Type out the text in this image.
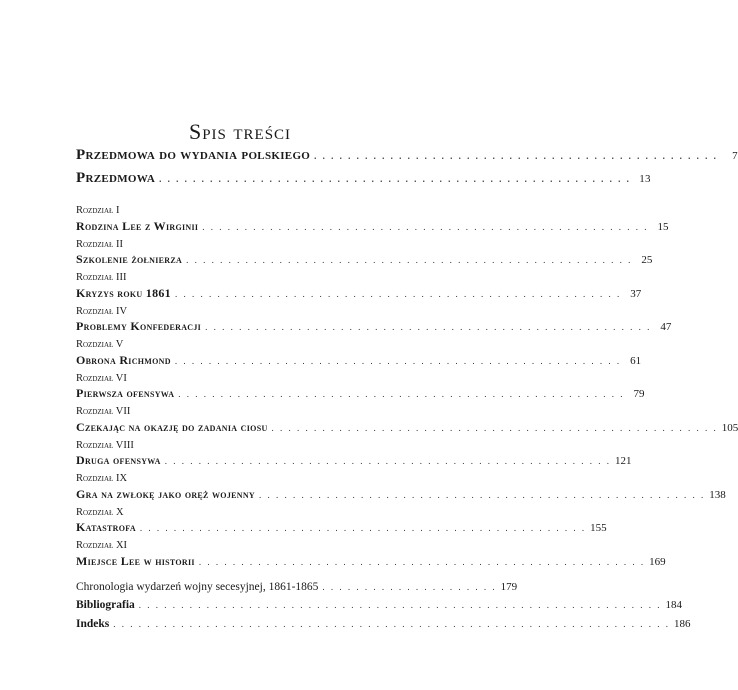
Spis treści
Przedmowa do wydania polskiego . . . . . . . . . . . . . . . . . . . . . . . . . . . . . . . . . . . . . . . . . . . . . . . .	7
Przedmowa . . . . . . . . . . . . . . . . . . . . . . . . . . . . . . . . . . . . . . . . . . . . . . . . . . . . . . . . 13
Rozdział I
Rodzina Lee z Wirginii . . . . . . . . . . . . . . . . . . . . . . . . . . . . . . . . . . . . . . . . . . . . . . . . . . . . . 15
Rozdział II
Szkolenie żołnierza . . . . . . . . . . . . . . . . . . . . . . . . . . . . . . . . . . . . . . . . . . . . . . . . . . . . . 25
Rozdział III
Kryzys roku 1861 . . . . . . . . . . . . . . . . . . . . . . . . . . . . . . . . . . . . . . . . . . . . . . . . . . . . . 37
Rozdział IV
Problemy Konfederacji . . . . . . . . . . . . . . . . . . . . . . . . . . . . . . . . . . . . . . . . . . . . . . . . . . . . . 47
Rozdział V
Obrona Richmond . . . . . . . . . . . . . . . . . . . . . . . . . . . . . . . . . . . . . . . . . . . . . . . . . . . . . 61
Rozdział VI
Pierwsza ofensywa . . . . . . . . . . . . . . . . . . . . . . . . . . . . . . . . . . . . . . . . . . . . . . . . . . . . . 79
Rozdział VII
Czekając na okazję do zadania ciosu . . . . . . . . . . . . . . . . . . . . . . . . . . . . . . . . . . . . . . . . . . . . . . . . . . . . . 105
Rozdział VIII
Druga ofensywa . . . . . . . . . . . . . . . . . . . . . . . . . . . . . . . . . . . . . . . . . . . . . . . . . . . . . 121
Rozdział IX
Gra na zwłokę jako oręż wojenny . . . . . . . . . . . . . . . . . . . . . . . . . . . . . . . . . . . . . . . . . . . . . . . . . . . . . 138
Rozdział X
Katastrofa . . . . . . . . . . . . . . . . . . . . . . . . . . . . . . . . . . . . . . . . . . . . . . . . . . . . . 155
Rozdział XI
Miejsce Lee w historii . . . . . . . . . . . . . . . . . . . . . . . . . . . . . . . . . . . . . . . . . . . . . . . . . . . . . 169
Chronologia wydarzeń wojny secesyjnej, 1861-1865 . . . . . . . . . . . . . . . . . . . . . 179
Bibliografia . . . . . . . . . . . . . . . . . . . . . . . . . . . . . . . . . . . . . . . . . . . . . . . . . . . . . . . . . . . . . . 184
Indeks . . . . . . . . . . . . . . . . . . . . . . . . . . . . . . . . . . . . . . . . . . . . . . . . . . . . . . . . . . . . . . . . . . 186
